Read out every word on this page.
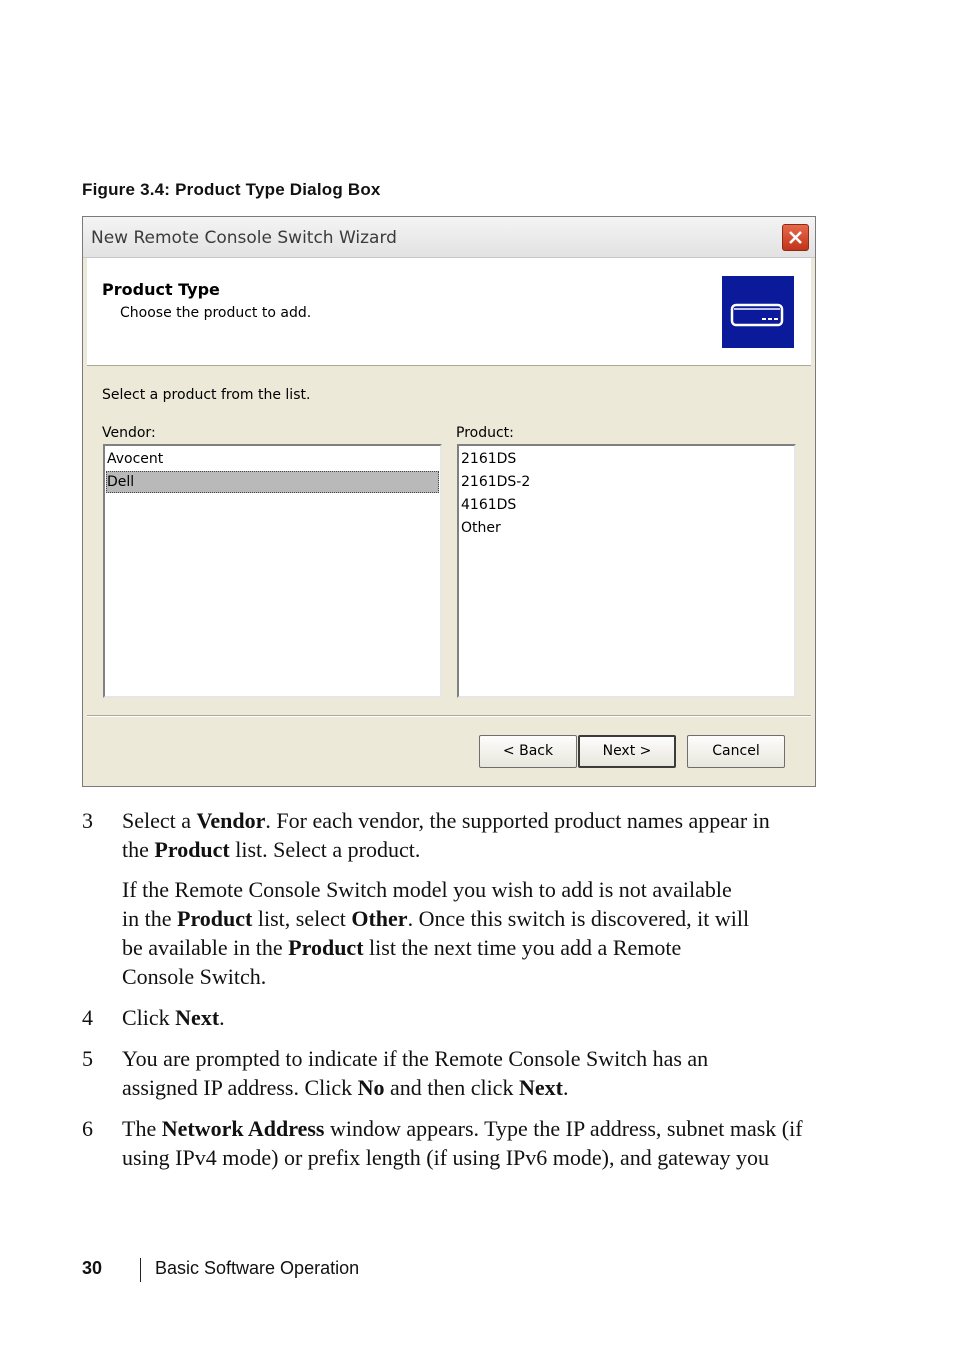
Figure 3.4: Product Type Dialog Box
New Remote Console Switch Wizard
Product Type
Choose the product to add.
Select a product from the list.
Vendor:	Product:
Avocent
Dell
2161DS
2161DS-2
4161DS
Other
< Back	Next >	Cancel
3	Select a Vendor. For each vendor, the supported product names appear in
the Product list. Select a product.
If the Remote Console Switch model you wish to add is not available
in the Product list, select Other. Once this switch is discovered, it will
be available in the Product list the next time you add a Remote
Console Switch.
4	Click Next.
5	You are prompted to indicate if the Remote Console Switch has an
assigned IP address. Click No and then click Next.
6	The Network Address window appears. Type the IP address, subnet mask (if
using IPv4 mode) or prefix length (if using IPv6 mode), and gateway you
30	Basic Software Operation
